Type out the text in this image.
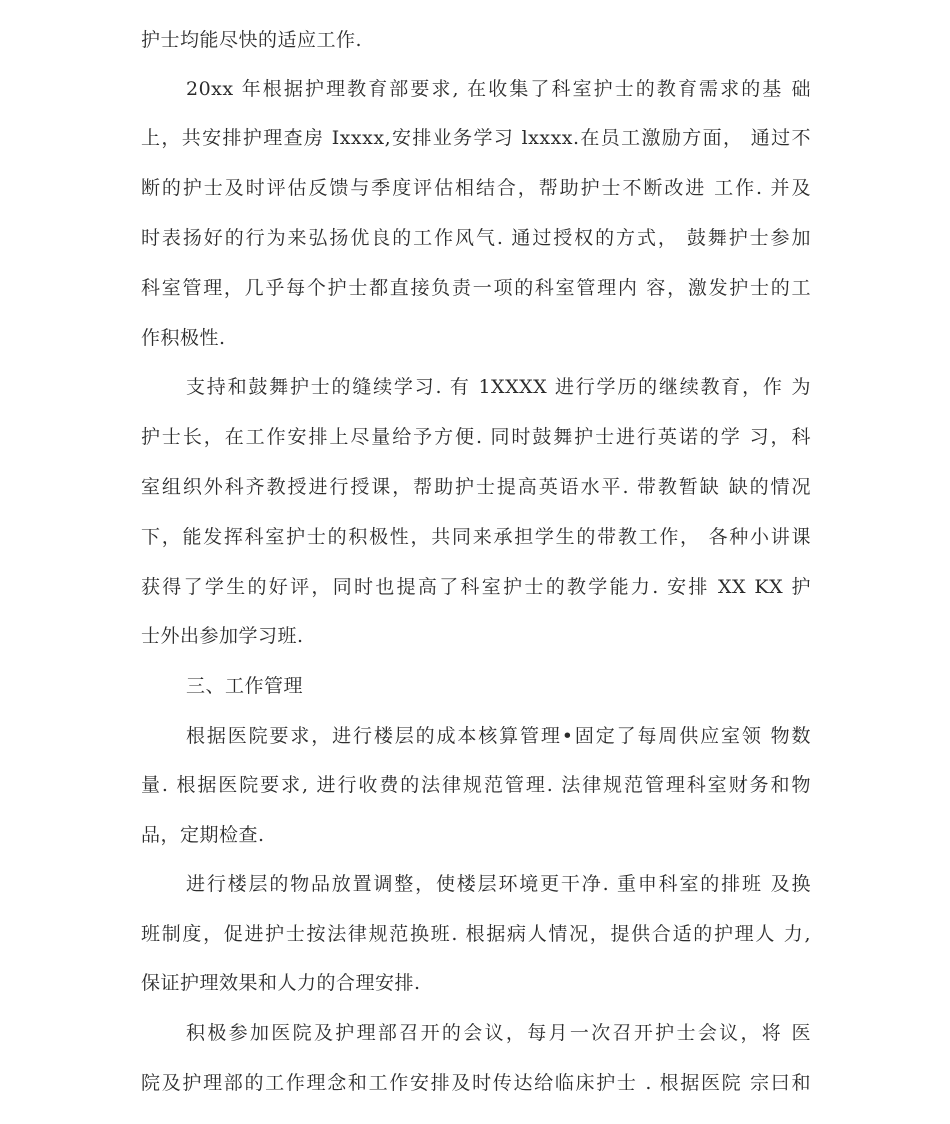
护士均能尽快的适应工作.
20xx 年根据护理教育部要求, 在收集了科室护士的教育需求的基 础
上，共安排护理查房 Ixxxx,安排业务学习 lxxxx.在员工激励方面， 通过不
断的护士及时评估反馈与季度评估相结合，帮助护士不断改进 工作. 并及
时表扬好的行为来弘扬优良的工作风气. 通过授权的方式， 鼓舞护士参加
科室管理，几乎每个护士都直接负责一项的科室管理内 容，激发护士的工
作积极性.
支持和鼓舞护士的缝续学习. 有 1XXXX 进行学历的继续教育，作 为
护士长，在工作安排上尽量给予方便. 同时鼓舞护士进行英诺的学 习，科
室组织外科齐教授进行授课，帮助护士提高英语水平. 带教暂缺 缺的情况
下，能发挥科室护士的积极性，共同来承担学生的带教工作， 各种小讲课
获得了学生的好评，同时也提高了科室护士的教学能力. 安排 XX KX 护
士外出参加学习班.
三、工作管理
根据医院要求，进行楼层的成本核算管理•固定了每周供应室领 物数
量. 根据医院要求, 进行收费的法律规范管理. 法律规范管理科室财务和物
品，定期检查.
进行楼层的物品放置调整，使楼层环境更干净. 重申科室的排班 及换
班制度，促进护士按法律规范换班. 根据病人情况，提供合适的护理人 力,
保证护理效果和人力的合理安排.
积极参加医院及护理部召开的会议，每月一次召开护士会议，将 医
院及护理部的工作理念和工作安排及时传达给临床护士 . 根据医院 宗曰和
